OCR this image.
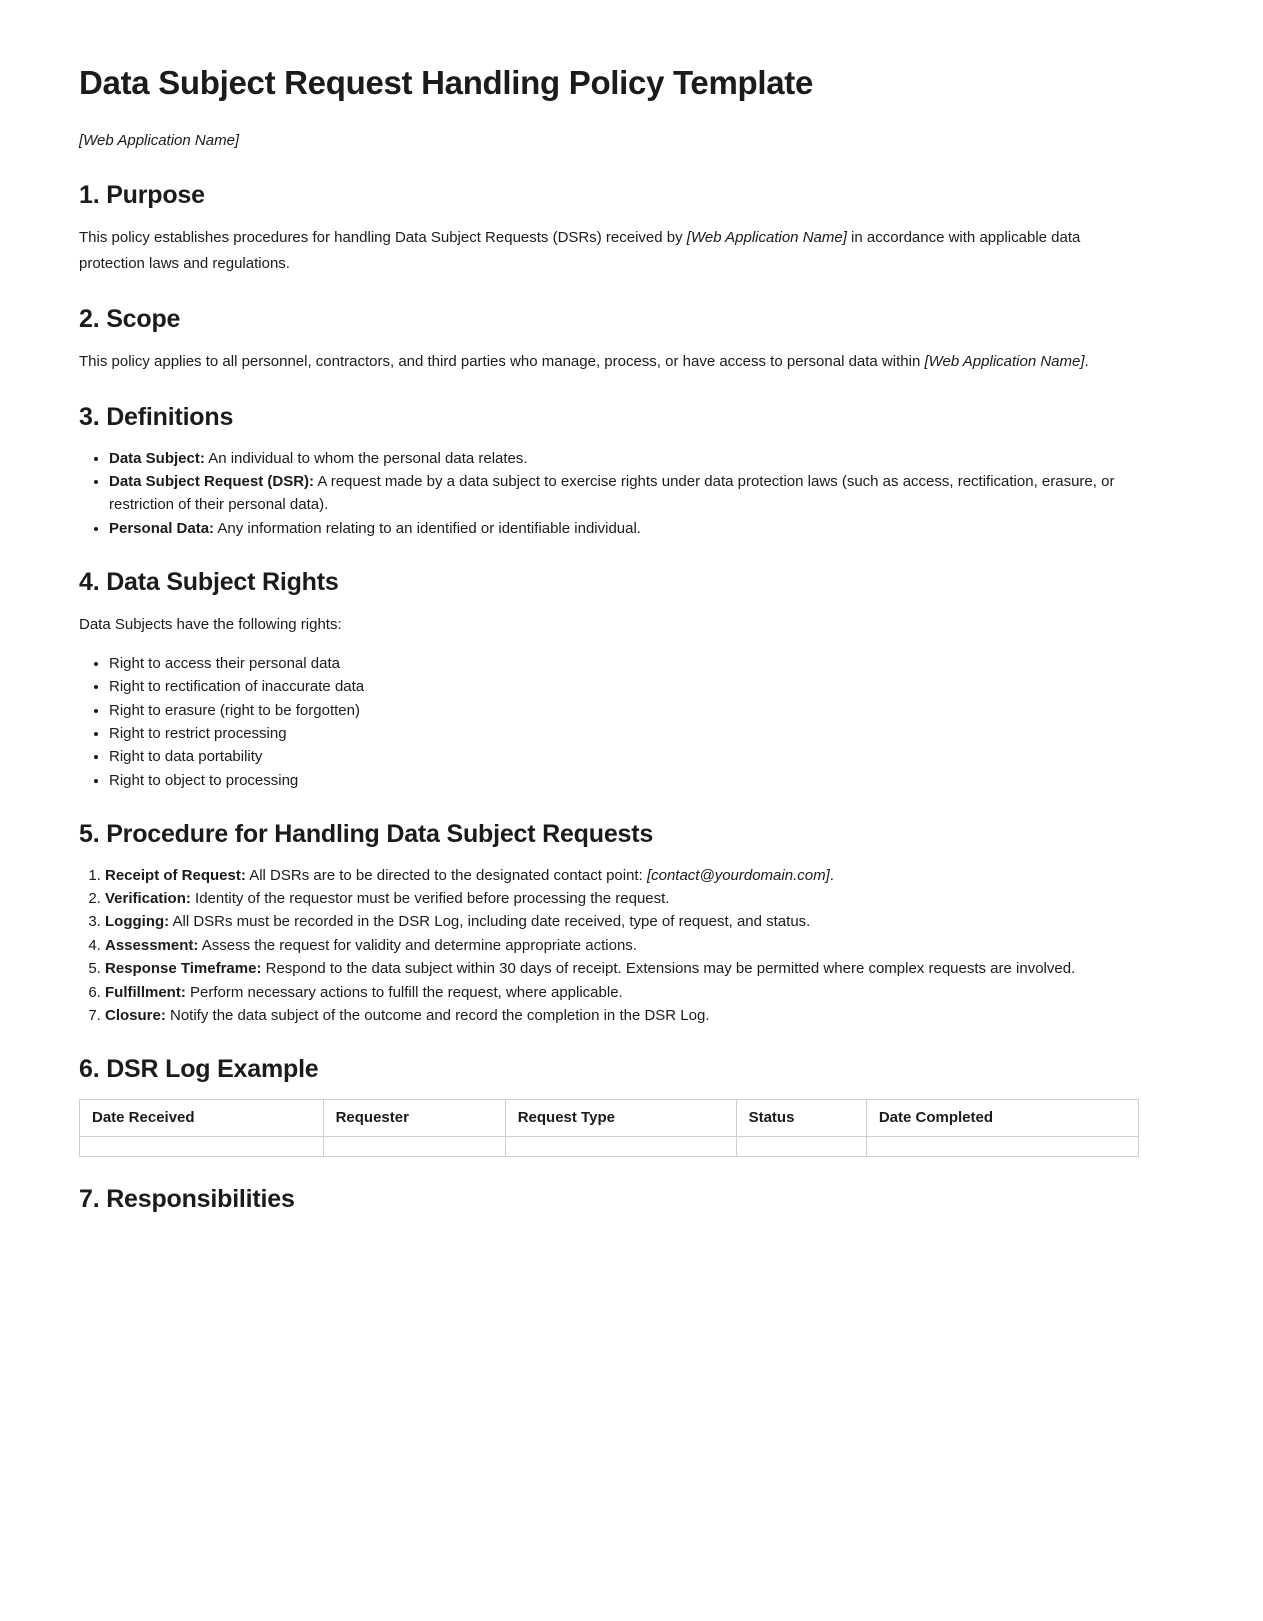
Data Subject Request Handling Policy Template

[Web Application Name]

1. Purpose

This policy establishes procedures for handling Data Subject Requests (DSRs) received by [Web Application Name] in accordance with applicable data protection laws and regulations.

2. Scope

This policy applies to all personnel, contractors, and third parties who manage, process, or have access to personal data within [Web Application Name].

3. Definitions
• Data Subject: An individual to whom the personal data relates.
• Data Subject Request (DSR): A request made by a data subject to exercise rights under data protection laws (such as access, rectification, erasure, or restriction of their personal data).
• Personal Data: Any information relating to an identified or identifiable individual.
4. Data Subject Rights

Data Subjects have the following rights:

• Right to access their personal data
• Right to rectification of inaccurate data
• Right to erasure (right to be forgotten)
• Right to restrict processing
• Right to data portability
• Right to object to processing
5. Procedure for Handling Data Subject Requests
1. Receipt of Request: All DSRs are to be directed to the designated contact point: [contact@yourdomain.com].
2. Verification: Identity of the requestor must be verified before processing the request.
3. Logging: All DSRs must be recorded in the DSR Log, including date received, type of request, and status.
4. Assessment: Assess the request for validity and determine appropriate actions.
5. Response Timeframe: Respond to the data subject within 30 days of receipt. Extensions may be permitted where complex requests are involved.
6. Fulfillment: Perform necessary actions to fulfill the request, where applicable.
7. Closure: Notify the data subject of the outcome and record the completion in the DSR Log.
6. DSR Log Example
Date Received	Requester	Request Type	Status	Date Completed

7. Responsibilities
